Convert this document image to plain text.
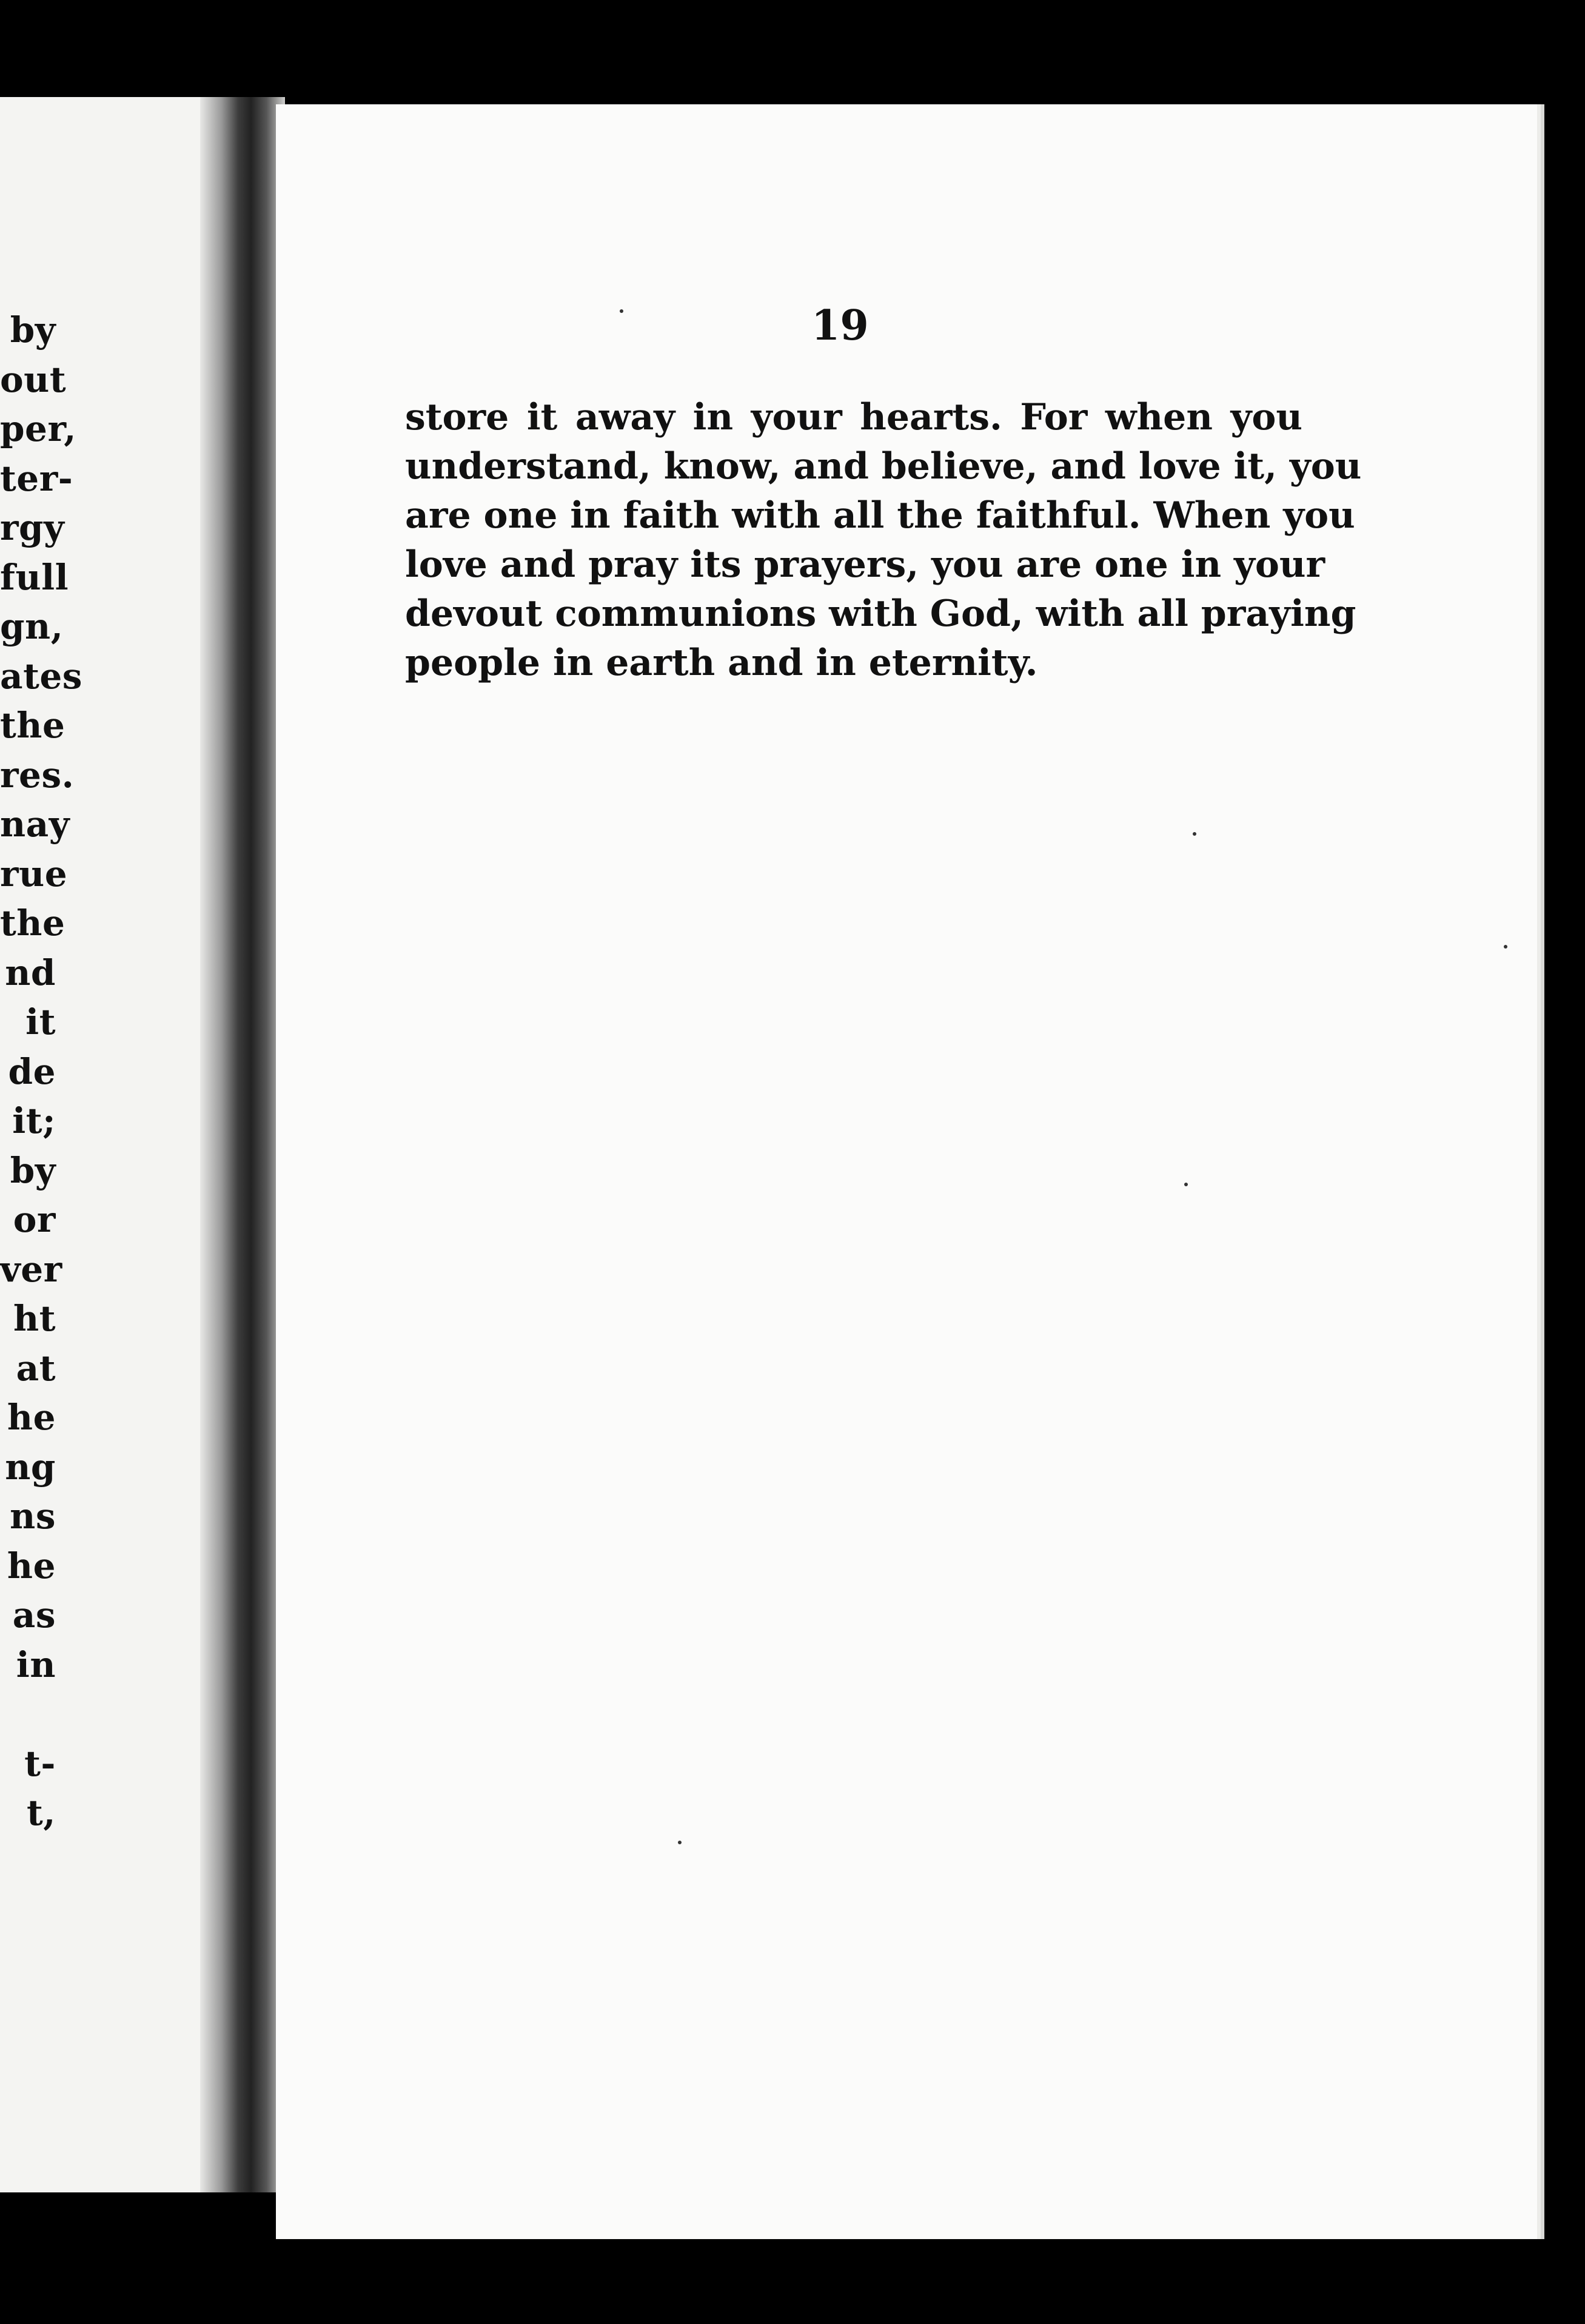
by
out
per,
ter-
rgy
full
gn,
ates
the
res.
nay
rue
the
nd
it
de
it;
by
or
ver
ht
at
he
ng
ns
he
as
in
t-
t,
19
store it away in your hearts. For when you
understand, know, and believe, and love it, you
are one in faith with all the faithful. When you
love and pray its prayers, you are one in your
devout communions with God, with all praying
people in earth and in eternity.
